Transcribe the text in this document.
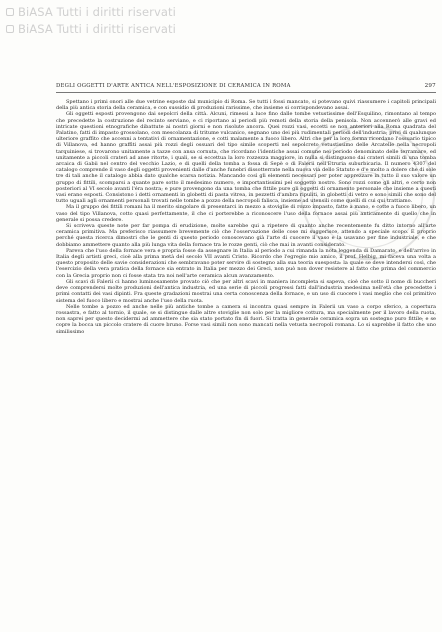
BiASA Tutti i diritti riservati
BiASA Tutti i diritti riservati
DEGLI OGGETTI D'ARTE ANTICA NELL'ESPOSIZIONE DI CERAMICA IN ROMA	297

Spettano i primi onori alle due vetrine esposte dal municipio di Roma. Se tutti i fossi mancato, si potevano quivi riassumere i capitoli principali della più antica storia della ceramica, e con sussidio di produzioni rarissime, che insieme si corrispondevano assai.

Gli oggetti esposti provengono dai sepolcri della città. Alcuni, rimessi a luce fino dalle tombe vetustissime dell'Esquilino, rimontano al tempo che precedette la costruzione del recinto serviano, e ci riportano ai periodi più remoti della storia della penisola. Non accennerò alle gravi ed intricate questioni etnografiche dibattute ai nostri giorni e non risolute ancora. Quei rozzi vasi, eccetti se non anteriori alla Roma quadrata del Palatino, fatti di impasto grossolano, con mescolanza di tritume vulcanico, segnano uno dei più rudimentali periodi dell'industria; privi di qualunque ulteriore graffito che accenni a tentativi di ornamentazione, e cotti malamente a fuoco libero. Altri che per la loro forma ricordano l'ossuario tipico di Villanova, ed hanno graffiti assai più rozzi degli ossuari del tipo simile scoperti nel sepolcreto vetustissimo delle Arcatelle nella necropoli tarquiniese, si trovarono unitamente a tazze con ansa cornuta, che ricordano l'identiche assai comune nei periodo denominato delle terramare, ed unitamente a piccoli crateri ad anse ritorte, i quali, se si eccettua la loro rozzezza maggiore, in nulla si distinguono dai crateri simili di una tomba arcaica di Gabii nel centro del vecchio Lazio, e di quelli della tomba a fossa di Sepè o di Falerii nell'Etruria suburbicaria. Il numero 4307 del catalogo comprende il vaso degli oggetti provenienti dalle d'anche funebri dissotterrate nella nuova via dello Statuto e d'e molto a dolere che di sole tre di tali anche il catalogo abbia dato qualche scarsa notizia. Mancando così gli elementi necessari per poter apprezzare in tutto il suo valore un gruppo di fittili, scomparsi a quante pare sotto il medesimo numero, e importantissimi pel soggetto nostro. Sono rozzi come gli altri, e certo non posteriori al VI secolo avanti l'éra nostra; e pure provengono da una tomba che fittile pure gli oggetti di ornamento personale che insieme a questi vasi erano esposti. Consistono i detti ornamenti in globetti di pasta vitrea, in pezzetti d'ambra ripuliti, in globetti di vetro e sono simili che sono del tutto uguali agli ornamenti personali trovati nelle tombe a pozzo della necropoli falisca, insieme ad utensili come quelli di cui qui trattiamo.

Ma il gruppo dei fittili romani ha il merito singolare di presentarci in mezzo a stoviglie di rozzo impasto, fatte a mano, e cotte a fuoco libero, un vaso del tipo Villanova, cotto quasi perfettamente, il che ci porterebbe a riconoscere l'uso della fornace assai più anticamente di quello che in generale si possa credere.

Si scriveva queste note per far pompa di erudizione, molte sarebbe qui a ripetere di quanto anche recentemente fu ditto intorno all'arte ceramica primitiva. Ma preferisco riassumere brevemente ciò che l'osservazione delle cose mi suggerisce, attendo a speciale scopo. E proprio perché questa ricerca dimostri che le genti di questo periodo conoscevano già l'arte di cuocere il vaso e la usavano per fine industriale, e che dobbiamo ammettere quanto alla più lunga vita della fornace tra le rozze genti, ciò che mai in avanti considerato.

Pareva che l'uso della fornace vera e propria fosse da assegnare in Italia al periodo a cui rimanda la nota leggenda di Damarato, e dell'arrivo in Italia degli artisti greci, cioè alla prima metà del secolo VII avanti Cristo. Ricordo che l'egregio mio amico, il prof. Helbig, mi faceva una volta a questo proposito delle savie considerazioni che sembravano poter servire di sostegno alla sua teoria suesposta: la quale se deve intendersi così, che l'esercizio della vera pratica della fornace sia entrato in Italia per mezzo dei Greci, non può non dover resistere al fatto che prima del commercio con la Grecia proprio non ci fosse stata tra noi nell'arte ceramica alcun avanzamento.

Gli scavi di Falerii ci hanno luminosamente provato ciò che per altri scavi in maniera incompleta si sapeva, cioè che sotto il nome di buccheri deve comprendersi molte produzioni dell'antica industria, ed una serie di piccoli progressi fatti dall'industria medesima nell'età che precedette i primi contatti dei vasi dipinti. Fra queste gradazioni mostrai una certa conoscenza della fornace, e un uso di cuocere i vasi meglio che col primitivo sistema del fuoco libero e mostrai anche l'uso della ruota.

Nelle tombe a pozzo ed anche nelle più antiche tombe a camera si incontra quasi sempre in Falerii un vaso a corpo sferico, a copertura rossastra, e fatto al tornio, il quale, se si distingue dalle altre stoviglie non solo per la migliore cottura, ma specialmente per il lavoro della ruota, non saprei per questo decidermi ad ammettere che sia stato portato fin di fuori. Si tratta in generale ceramica sopra un sostegno puro fittile; e se copre la bocca un piccolo cratere di cuore bruno. Forse vasi simili non sono mancati nella vetusta necropoli romana. Lo si saprebbe il fatto che uno similissimo
